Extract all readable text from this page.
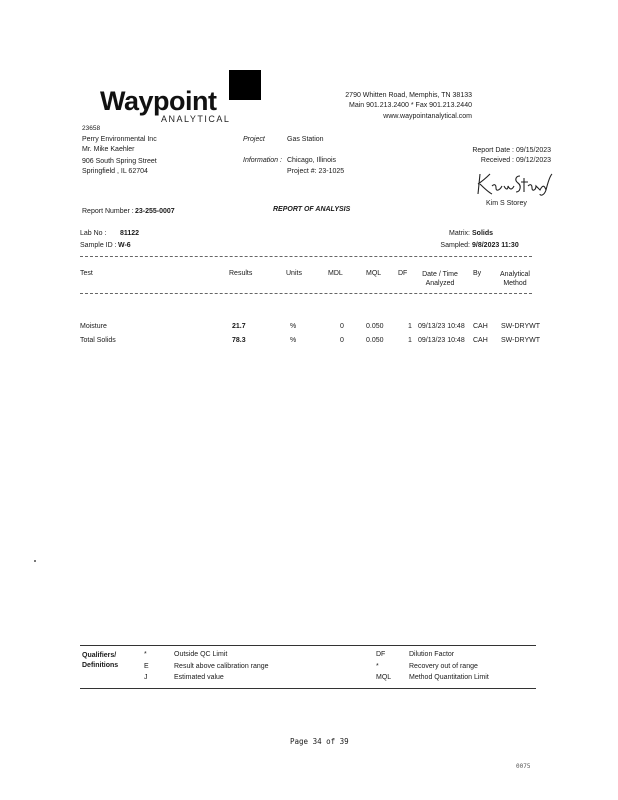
Waypoint
ANALYTICAL
2790 Whitten Road, Memphis, TN 38133
Main 901.213.2400 * Fax 901.213.2440
www.waypointanalytical.com
23658
Perry Environmental Inc
Mr. Mike Kaehler
906 South Spring Street
Springfield , IL 62704
Project	Gas Station
Information : Chicago, Illinois
Project #: 23-1025
Report Date : 09/15/2023
Received : 09/12/2023
Kim S Storey
Report Number : 23-255-0007	REPORT OF ANALYSIS
Lab No : 81122
Sample ID : W-6
Matrix: Solids
Sampled: 9/8/2023 11:30
Test	Results	Units	MDL	MQL DF	Date / Time
Analyzed
By	Analytical
Method
Moisture	21.7	%	0	0.050	1 09/13/23 10:48 CAH SW-DRYWT
Total Solids	78.3	%	0	0.050	1 09/13/23 10:48 CAH SW-DRYWT
Qualifiers/
Definitions
*	Outside QC Limit
E	Result above calibration range
J	Estimated value
DF	Dilution Factor
*	Recovery out of range
MQL	Method Quantitation Limit
Page 34 of 39
0075
